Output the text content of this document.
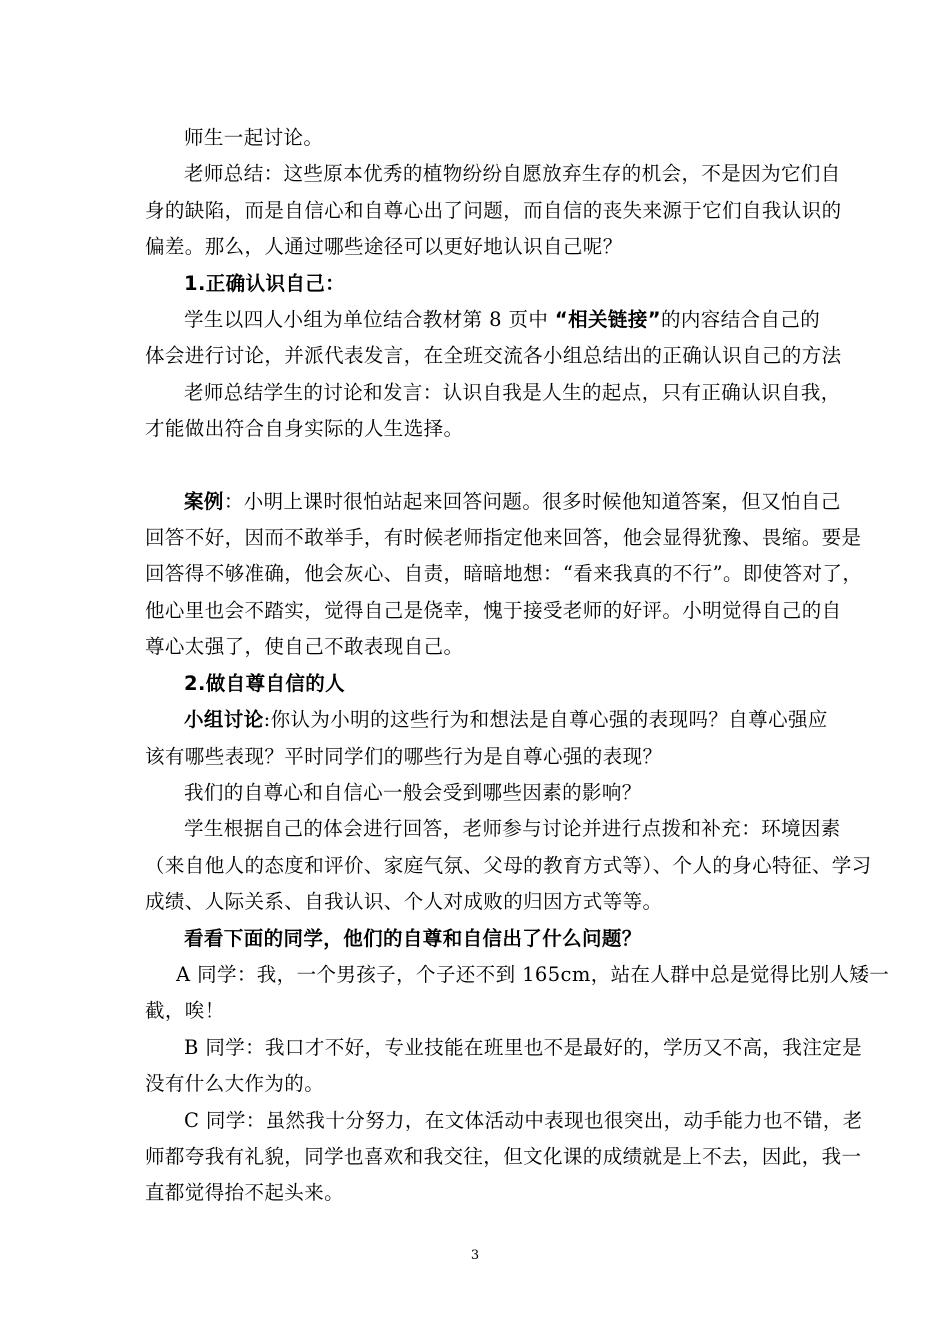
师生一起讨论。

老师总结：这些原本优秀的植物纷纷自愿放弃生存的机会，不是因为它们自
身的缺陷，而是自信心和自尊心出了问题，而自信的丧失来源于它们自我认识的
偏差。那么，人通过哪些途径可以更好地认识自己呢？

1.正确认识自己：

学生以四人小组为单位结合教材第 8 页中 “相关链接”的内容结合自己的
体会进行讨论，并派代表发言，在全班交流各小组总结出的正确认识自己的方法

老师总结学生的讨论和发言：认识自我是人生的起点，只有正确认识自我，
才能做出符合自身实际的人生选择。

案例：小明上课时很怕站起来回答问题。很多时候他知道答案，但又怕自己
回答不好，因而不敢举手，有时候老师指定他来回答，他会显得犹豫、畏缩。要是
回答得不够准确，他会灰心、自责，暗暗地想：“看来我真的不行”。即使答对了，
他心里也会不踏实，觉得自己是侥幸，愧于接受老师的好评。小明觉得自己的自
尊心太强了，使自己不敢表现自己。

2.做自尊自信的人

小组讨论:你认为小明的这些行为和想法是自尊心强的表现吗？自尊心强应
该有哪些表现？平时同学们的哪些行为是自尊心强的表现？

我们的自尊心和自信心一般会受到哪些因素的影响？

学生根据自己的体会进行回答，老师参与讨论并进行点拨和补充：环境因素
（来自他人的态度和评价、家庭气氛、父母的教育方式等）、个人的身心特征、学习
成绩、人际关系、自我认识、个人对成败的归因方式等等。

看看下面的同学，他们的自尊和自信出了什么问题？

A 同学：我，一个男孩子，个子还不到 165cm，站在人群中总是觉得比别人矮一
截，唉！

B 同学：我口才不好，专业技能在班里也不是最好的，学历又不高，我注定是
没有什么大作为的。

C 同学：虽然我十分努力，在文体活动中表现也很突出，动手能力也不错，老
师都夸我有礼貌，同学也喜欢和我交往，但文化课的成绩就是上不去，因此，我一
直都觉得抬不起头来。

3
